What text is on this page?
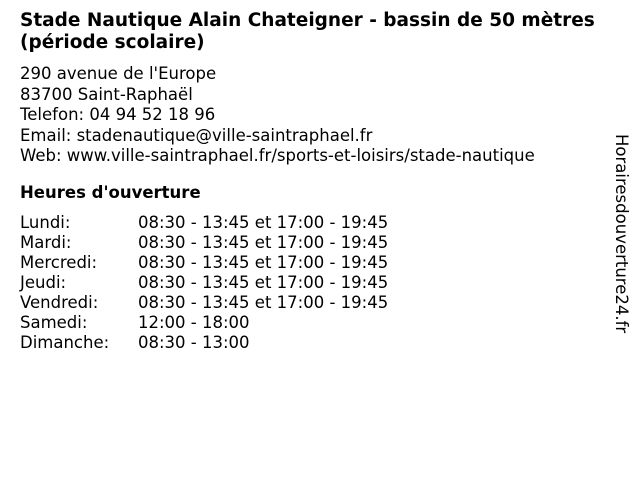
Stade Nautique Alain Chateigner - bassin de 50 mètres (période scolaire)
290 avenue de l'Europe
83700 Saint-Raphaël
Telefon: 04 94 52 18 96
Email: stadenautique@ville-saintraphael.fr
Web: www.ville-saintraphael.fr/sports-et-loisirs/stade-nautique
Heures d'ouverture
Lundi:	08:30 - 13:45 et 17:00 - 19:45
Mardi:	08:30 - 13:45 et 17:00 - 19:45
Mercredi:	08:30 - 13:45 et 17:00 - 19:45
Jeudi:	08:30 - 13:45 et 17:00 - 19:45
Vendredi:	08:30 - 13:45 et 17:00 - 19:45
Samedi:	12:00 - 18:00
Dimanche:	08:30 - 13:00
Horairesdouverture24.fr
